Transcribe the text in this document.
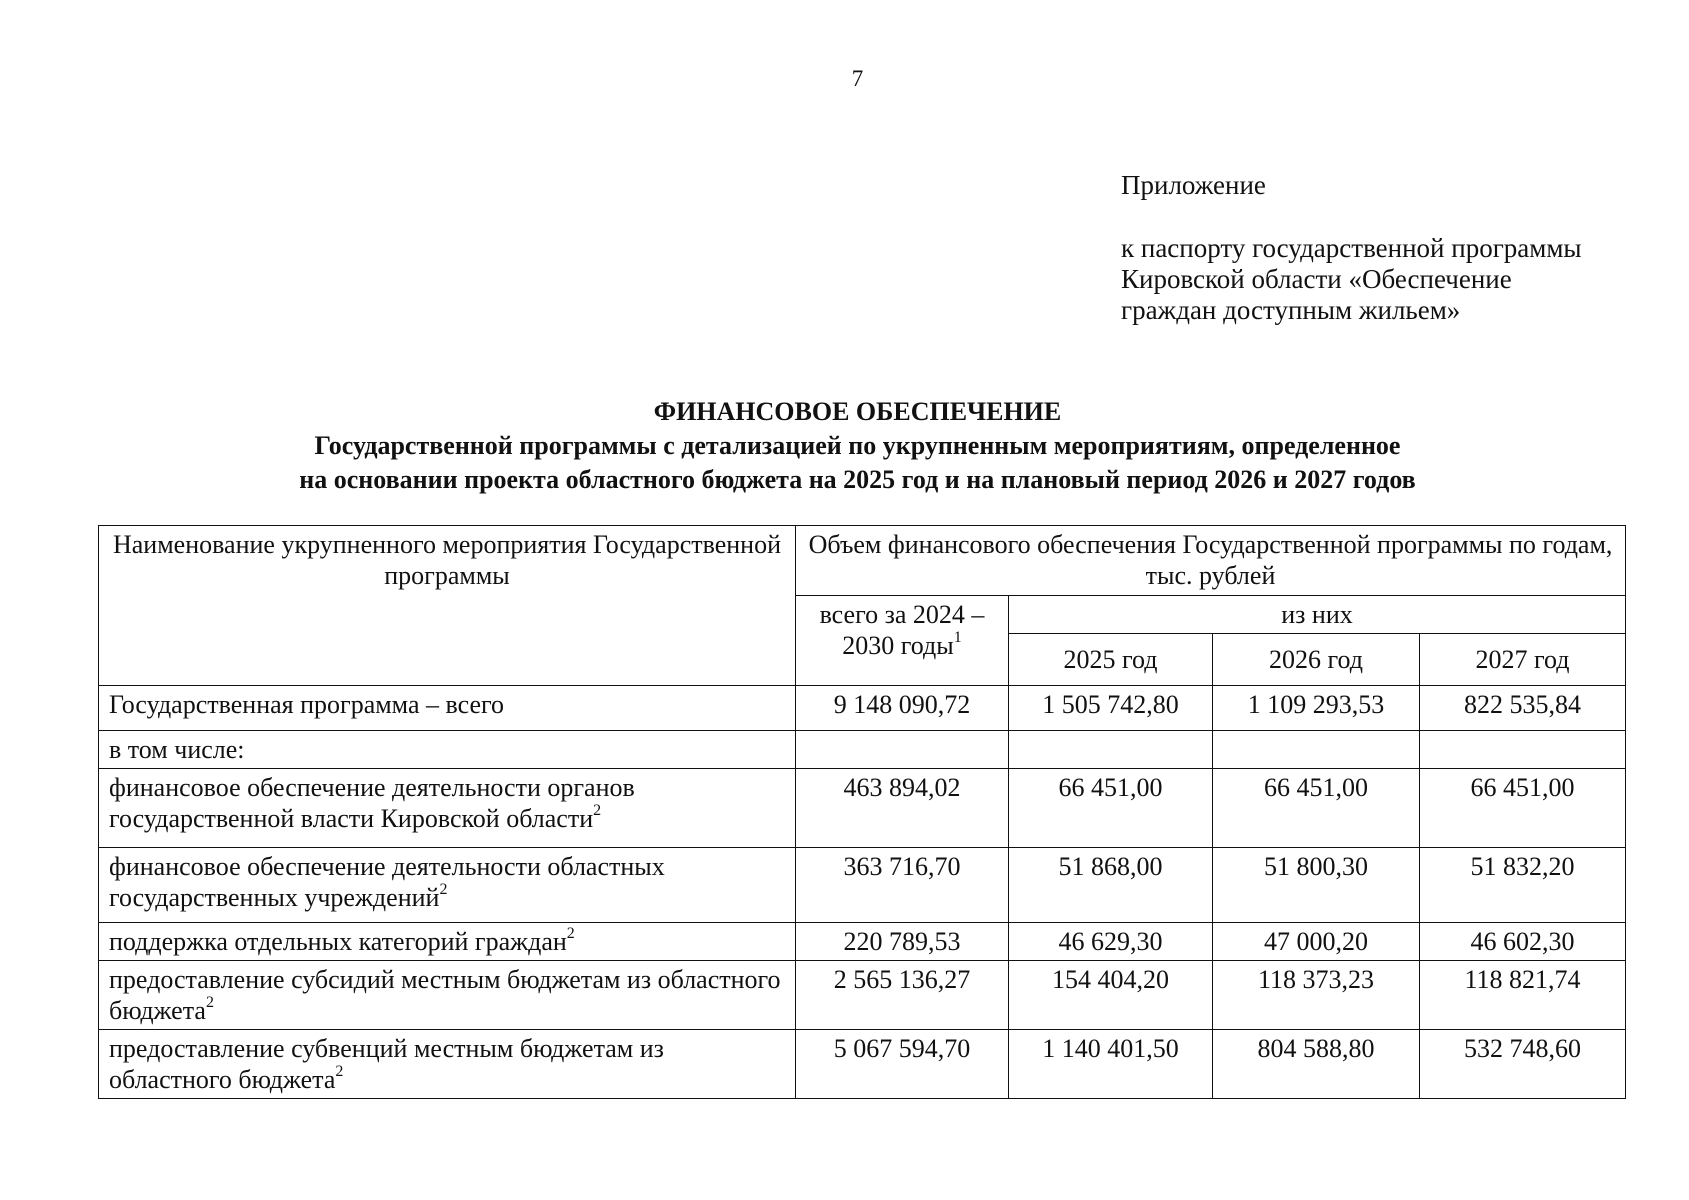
7
Приложение
к паспорту государственной программы
Кировской области «Обеспечение
граждан доступным жильем»
ФИНАНСОВОЕ ОБЕСПЕЧЕНИЕ
Государственной программы с детализацией по укрупненным мероприятиям, определенное
на основании проекта областного бюджета на 2025 год и на плановый период 2026 и 2027 годов
Наименование укрупненного мероприятия Государственной программы	Объем финансового обеспечения Государственной программы по годам, тыс. рублей			
	всего за 2024 – 2030 годы$^1$	из них		
		2025 год	2026 год	2027 год
Государственная программа – всего	9 148 090,72	1 505 742,80	1 109 293,53	822 535,84
в том числе:				
финансовое обеспечение деятельности органов государственной власти Кировской области$^2$	463 894,02	66 451,00	66 451,00	66 451,00
финансовое обеспечение деятельности областных государственных учреждений$^2$	363 716,70	51 868,00	51 800,30	51 832,20
поддержка отдельных категорий граждан$^2$	220 789,53	46 629,30	47 000,20	46 602,30
предоставление субсидий местным бюджетам из областного бюджета$^2$	2 565 136,27	154 404,20	118 373,23	118 821,74
предоставление субвенций местным бюджетам из областного бюджета$^2$	5 067 594,70	1 140 401,50	804 588,80	532 748,60
